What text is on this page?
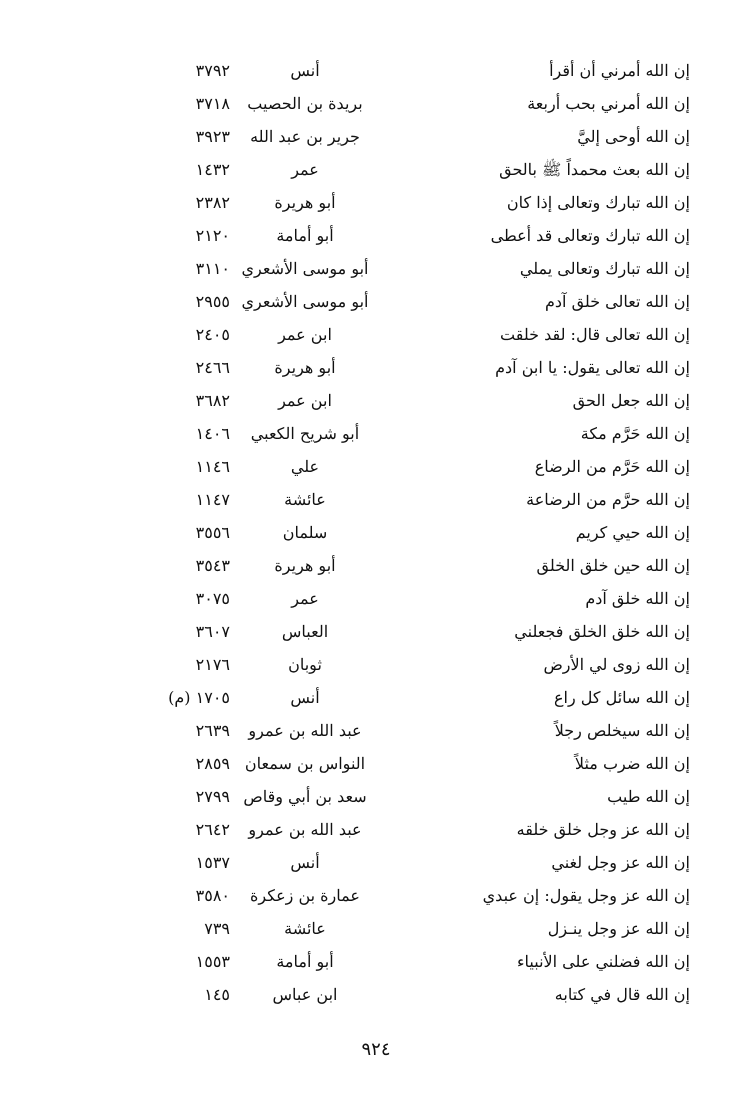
إن الله أمرني أن أقرأ
أنس
٣٧٩٢
إن الله أمرني بحب أربعة
بريدة بن الحصيب
٣٧١٨
إن الله أوحى إليَّ
جرير بن عبد الله
٣٩٢٣
إن الله بعث محمداً ﷺ بالحق
عمر
١٤٣٢
إن الله تبارك وتعالى إذا كان
أبو هريرة
٢٣٨٢
إن الله تبارك وتعالى قد أعطى
أبو أمامة
٢١٢٠
إن الله تبارك وتعالى يملي
أبو موسى الأشعري
٣١١٠
إن الله تعالى خلق آدم
أبو موسى الأشعري
٢٩٥٥
إن الله تعالى قال: لقد خلقت
ابن عمر
٢٤٠٥
إن الله تعالى يقول: يا ابن آدم
أبو هريرة
٢٤٦٦
إن الله جعل الحق
ابن عمر
٣٦٨٢
إن الله حَرَّم مكة
أبو شريح الكعبي
١٤٠٦
إن الله حَرَّم من الرضاع
علي
١١٤٦
إن الله حرَّم من الرضاعة
عائشة
١١٤٧
إن الله حيي كريم
سلمان
٣٥٥٦
إن الله حين خلق الخلق
أبو هريرة
٣٥٤٣
إن الله خلق آدم
عمر
٣٠٧٥
إن الله خلق الخلق فجعلني
العباس
٣٦٠٧
إن الله زوى لي الأرض
ثوبان
٢١٧٦
إن الله سائل كل راع
أنس
١٧٠٥ (م)
إن الله سيخلص رجلاً
عبد الله بن عمرو
٢٦٣٩
إن الله ضرب مثلاً
النواس بن سمعان
٢٨٥٩
إن الله طيب
سعد بن أبي وقاص
٢٧٩٩
إن الله عز وجل خلق خلقه
عبد الله بن عمرو
٢٦٤٢
إن الله عز وجل لغني
أنس
١٥٣٧
إن الله عز وجل يقول: إن عبدي
عمارة بن زعكرة
٣٥٨٠
إن الله عز وجل ينـزل
عائشة
٧٣٩
إن الله فضلني على الأنبياء
أبو أمامة
١٥٥٣
إن الله قال في كتابه
ابن عباس
١٤٥
٩٢٤
